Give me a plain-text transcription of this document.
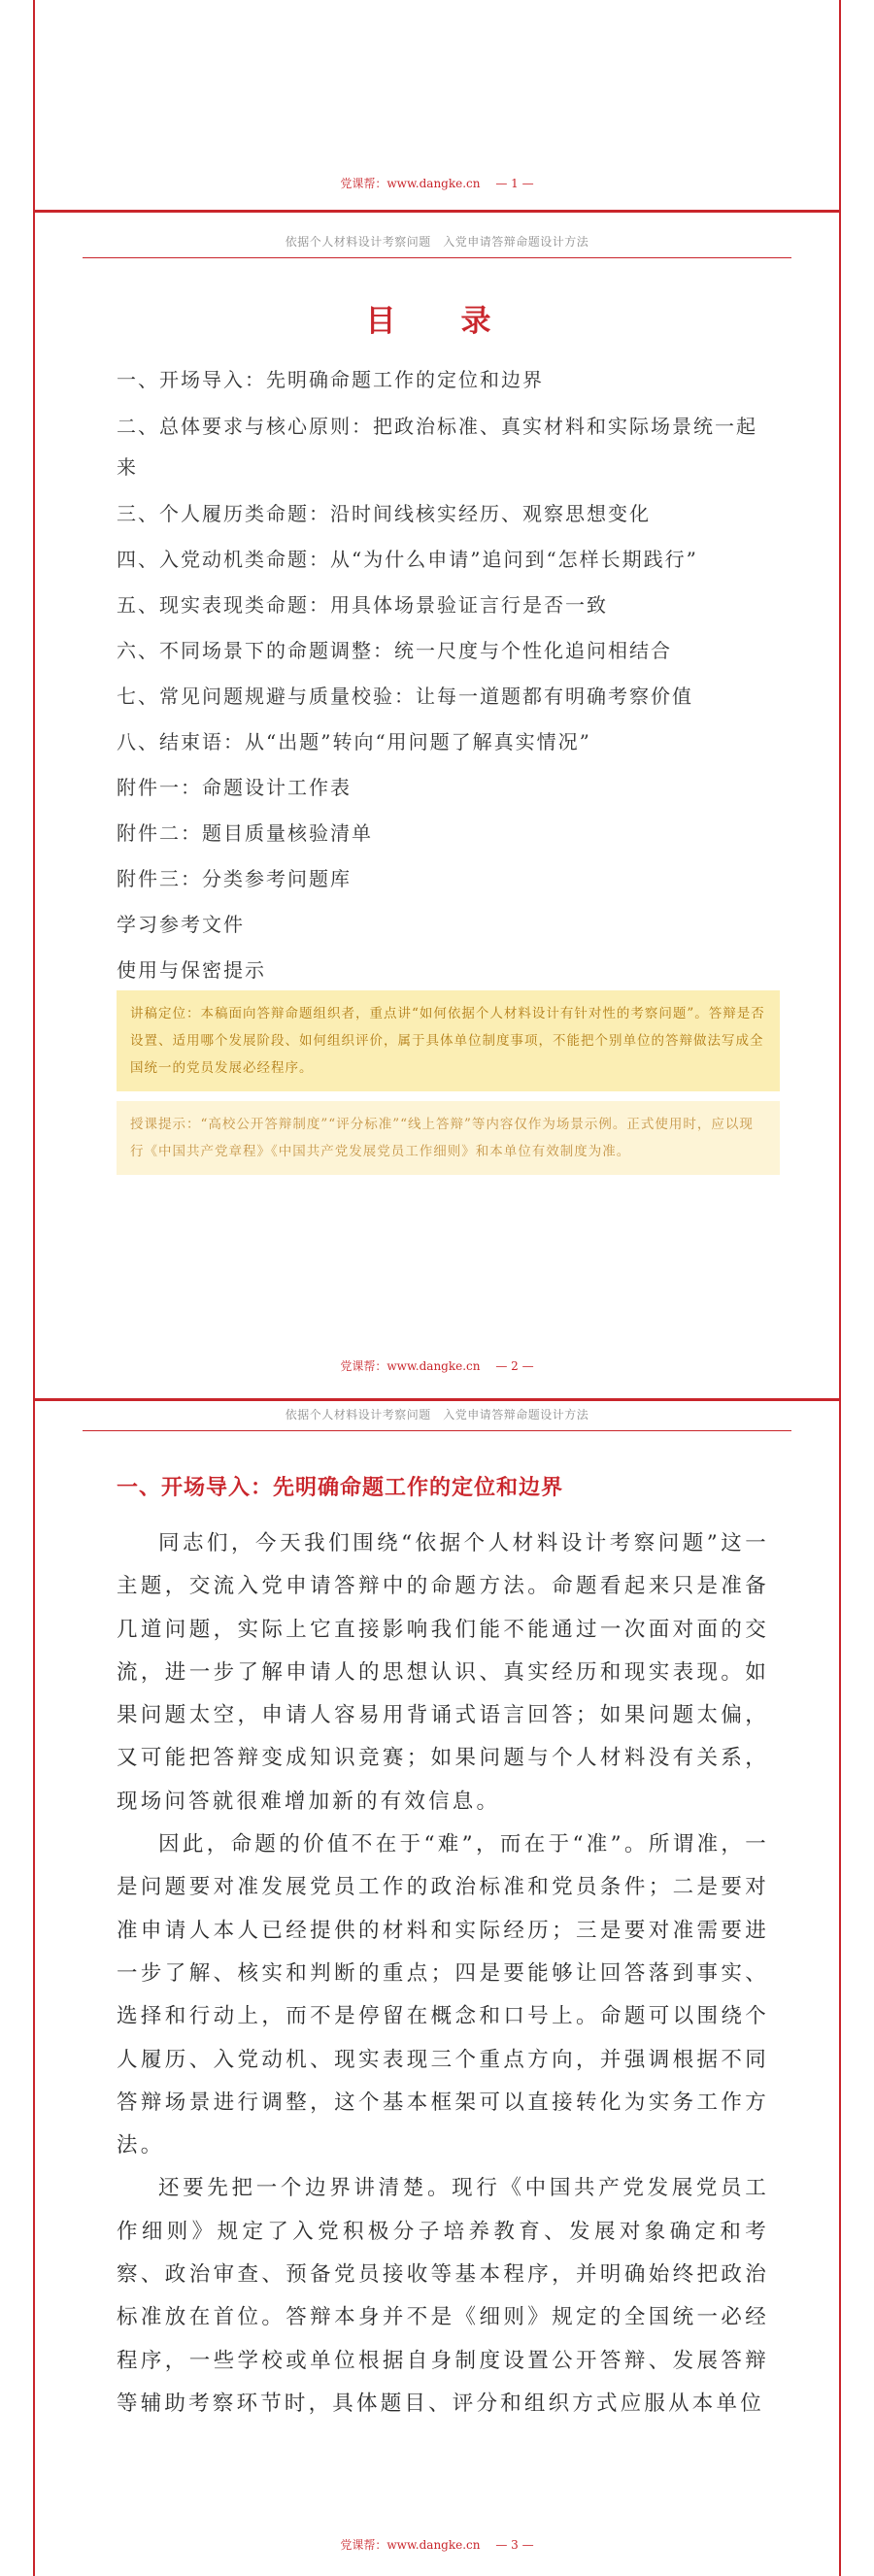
党课帮：www.dangke.cn — 1 —
依据个人材料设计考察问题　入党申请答辩命题设计方法
目　录
一、开场导入：先明确命题工作的定位和边界
二、总体要求与核心原则：把政治标准、真实材料和实际场景统一起来
三、个人履历类命题：沿时间线核实经历、观察思想变化
四、入党动机类命题：从“为什么申请”追问到“怎样长期践行”
五、现实表现类命题：用具体场景验证言行是否一致
六、不同场景下的命题调整：统一尺度与个性化追问相结合
七、常见问题规避与质量校验：让每一道题都有明确考察价值
八、结束语：从“出题”转向“用问题了解真实情况”
附件一：命题设计工作表
附件二：题目质量核验清单
附件三：分类参考问题库
学习参考文件
使用与保密提示
讲稿定位：本稿面向答辩命题组织者，重点讲“如何依据个人材料设计有针对性的考察问题”。答辩是否设置、适用哪个发展阶段、如何组织评价，属于具体单位制度事项，不能把个别单位的答辩做法写成全国统一的党员发展必经程序。
授课提示：“高校公开答辩制度”“评分标准”“线上答辩”等内容仅作为场景示例。正式使用时，应以现行《中国共产党章程》《中国共产党发展党员工作细则》和本单位有效制度为准。
党课帮：www.dangke.cn — 2 —
依据个人材料设计考察问题　入党申请答辩命题设计方法
一、开场导入：先明确命题工作的定位和边界

同志们，今天我们围绕“依据个人材料设计考察问题”这一主题，交流入党申请答辩中的命题方法。命题看起来只是准备几道问题，实际上它直接影响我们能不能通过一次面对面的交流，进一步了解申请人的思想认识、真实经历和现实表现。如果问题太空，申请人容易用背诵式语言回答；如果问题太偏，又可能把答辩变成知识竞赛；如果问题与个人材料没有关系，现场问答就很难增加新的有效信息。

因此，命题的价值不在于“难”，而在于“准”。所谓准，一是问题要对准发展党员工作的政治标准和党员条件；二是要对准申请人本人已经提供的材料和实际经历；三是要对准需要进一步了解、核实和判断的重点；四是要能够让回答落到事实、选择和行动上，而不是停留在概念和口号上。命题可以围绕个人履历、入党动机、现实表现三个重点方向，并强调根据不同答辩场景进行调整，这个基本框架可以直接转化为实务工作方法。

还要先把一个边界讲清楚。现行《中国共产党发展党员工作细则》规定了入党积极分子培养教育、发展对象确定和考察、政治审查、预备党员接收等基本程序，并明确始终把政治标准放在首位。答辩本身并不是《细则》规定的全国统一必经程序，一些学校或单位根据自身制度设置公开答辩、发展答辩等辅助考察环节时，具体题目、评分和组织方式应服从本单位

党课帮：www.dangke.cn — 3 —
